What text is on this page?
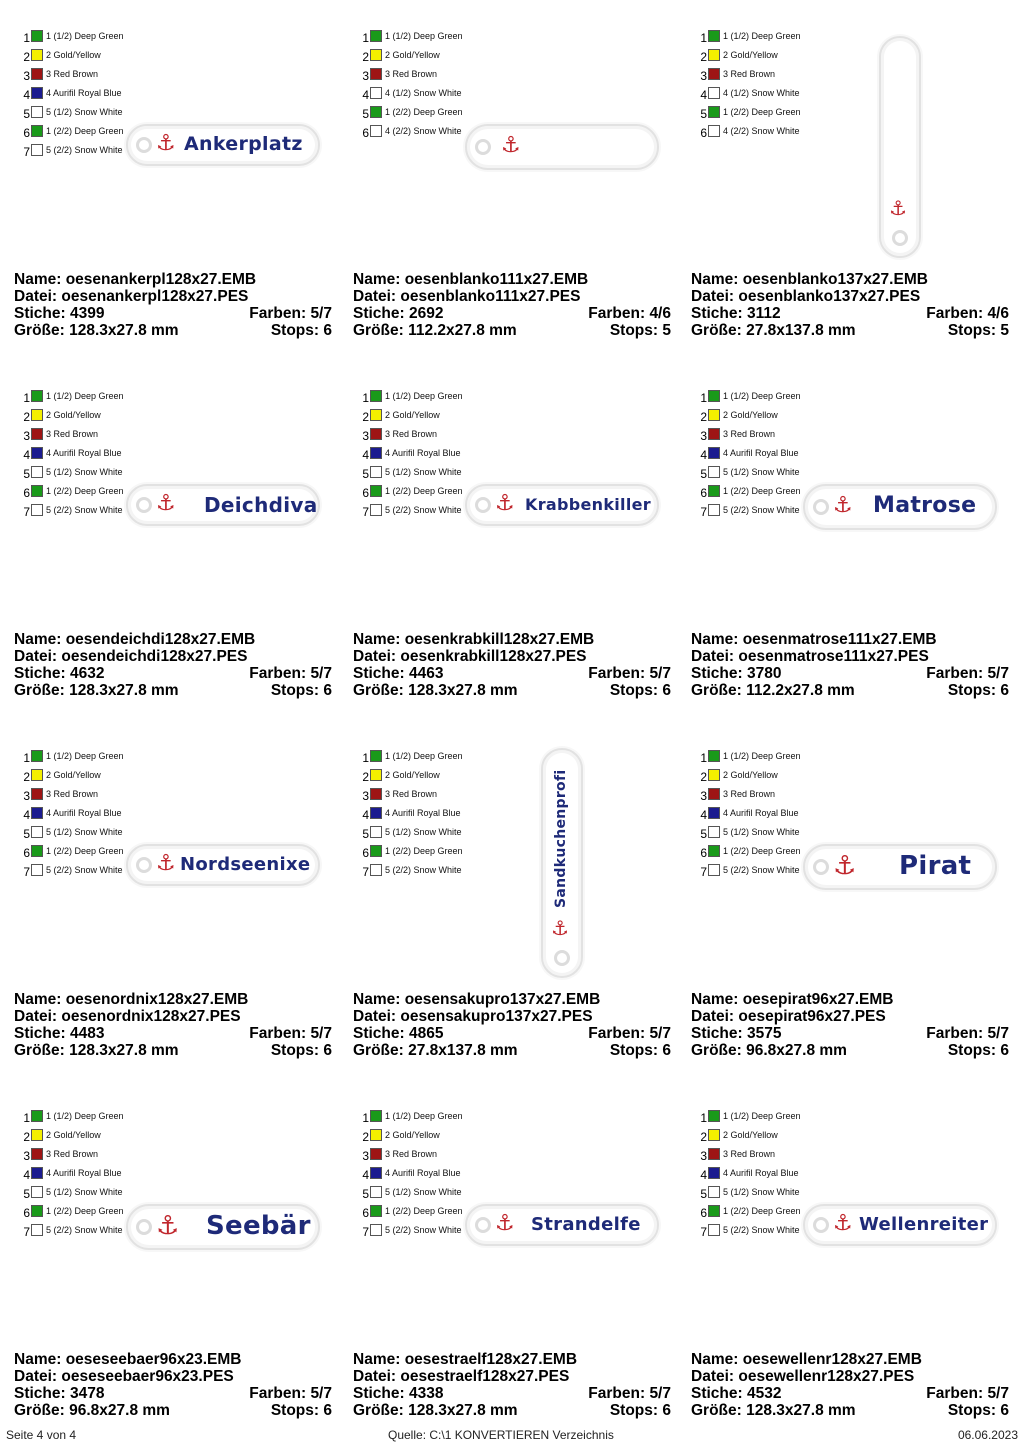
1 1 (1/2) Deep Green
2 2 Gold/Yellow
3 3 Red Brown
4 4 Aurifil Royal Blue
5 5 (1/2) Snow White
6 1 (2/2) Deep Green
7 5 (2/2) Snow White	⚓ Ankerplatz
Name: oesenankerpl128x27.EMB
Datei: oesenankerpl128x27.PES
Stiche: 4399	Farben: 5/7
Größe: 128.3x27.8 mm	Stops: 6
1 1 (1/2) Deep Green
2 2 Gold/Yellow
3 3 Red Brown
4 4 (1/2) Snow White
5 1 (2/2) Deep Green
6 4 (2/2) Snow White
⚓
Name: oesenblanko111x27.EMB
Datei: oesenblanko111x27.PES
Stiche: 2692	Farben: 4/6
Größe: 112.2x27.8 mm	Stops: 5
1 1 (1/2) Deep Green
2 2 Gold/Yellow
3 3 Red Brown
4 4 (1/2) Snow White
5 1 (2/2) Deep Green
6 4 (2/2) Snow White
⚓
Name: oesenblanko137x27.EMB
Datei: oesenblanko137x27.PES
Stiche: 3112	Farben: 4/6
Größe: 27.8x137.8 mm	Stops: 5
1 1 (1/2) Deep Green
2 2 Gold/Yellow
3 3 Red Brown
4 4 Aurifil Royal Blue
5 5 (1/2) Snow White
6 1 (2/2) Deep Green
7 5 (2/2) Snow White	⚓ Deichdiva
Name: oesendeichdi128x27.EMB
Datei: oesendeichdi128x27.PES
Stiche: 4632	Farben: 5/7
Größe: 128.3x27.8 mm	Stops: 6
1 1 (1/2) Deep Green
2 2 Gold/Yellow
3 3 Red Brown
4 4 Aurifil Royal Blue
5 5 (1/2) Snow White
6 1 (2/2) Deep Green
7 5 (2/2) Snow White	⚓ Krabbenkiller
Name: oesenkrabkill128x27.EMB
Datei: oesenkrabkill128x27.PES
Stiche: 4463	Farben: 5/7
Größe: 128.3x27.8 mm	Stops: 6
1 1 (1/2) Deep Green
2 2 Gold/Yellow
3 3 Red Brown
4 4 Aurifil Royal Blue
5 5 (1/2) Snow White
6 1 (2/2) Deep Green
7 5 (2/2) Snow White	⚓ Matrose
Name: oesenmatrose111x27.EMB
Datei: oesenmatrose111x27.PES
Stiche: 3780	Farben: 5/7
Größe: 112.2x27.8 mm	Stops: 6
1 1 (1/2) Deep Green
2 2 Gold/Yellow
3 3 Red Brown
4 4 Aurifil Royal Blue
5 5 (1/2) Snow White
6 1 (2/2) Deep Green
7 5 (2/2) Snow White	⚓ Nordseenixe
Name: oesenordnix128x27.EMB
Datei: oesenordnix128x27.PES
Stiche: 4483	Farben: 5/7
Größe: 128.3x27.8 mm	Stops: 6
1 1 (1/2) Deep Green
2 2 Gold/Yellow
3 3 Red Brown
4 4 Aurifil Royal Blue
5 5 (1/2) Snow White
6 1 (2/2) Deep Green
7 5 (2/2) Snow White
⚓
Sandkuchenprofi
Name: oesensakupro137x27.EMB
Datei: oesensakupro137x27.PES
Stiche: 4865	Farben: 5/7
Größe: 27.8x137.8 mm	Stops: 6
1 1 (1/2) Deep Green
2 2 Gold/Yellow
3 3 Red Brown
4 4 Aurifil Royal Blue
5 5 (1/2) Snow White
6 1 (2/2) Deep Green
7 5 (2/2) Snow White	⚓ Pirat
Name: oesepirat96x27.EMB
Datei: oesepirat96x27.PES
Stiche: 3575	Farben: 5/7
Größe: 96.8x27.8 mm	Stops: 6
1 1 (1/2) Deep Green
2 2 Gold/Yellow
3 3 Red Brown
4 4 Aurifil Royal Blue
5 5 (1/2) Snow White
6 1 (2/2) Deep Green
7 5 (2/2) Snow White	⚓ Seebär
Name: oeseseebaer96x23.EMB
Datei: oeseseebaer96x23.PES
Stiche: 3478	Farben: 5/7
Größe: 96.8x27.8 mm	Stops: 6
1 1 (1/2) Deep Green
2 2 Gold/Yellow
3 3 Red Brown
4 4 Aurifil Royal Blue
5 5 (1/2) Snow White
6 1 (2/2) Deep Green
7 5 (2/2) Snow White	⚓ Strandelfe
Name: oesestraelf128x27.EMB
Datei: oesestraelf128x27.PES
Stiche: 4338	Farben: 5/7
Größe: 128.3x27.8 mm	Stops: 6
1 1 (1/2) Deep Green
2 2 Gold/Yellow
3 3 Red Brown
4 4 Aurifil Royal Blue
5 5 (1/2) Snow White
6 1 (2/2) Deep Green
7 5 (2/2) Snow White	⚓ Wellenreiter
Name: oesewellenr128x27.EMB
Datei: oesewellenr128x27.PES
Stiche: 4532	Farben: 5/7
Größe: 128.3x27.8 mm	Stops: 6
Seite 4 von 4	Quelle: C:\1 KONVERTIEREN Verzeichnis	06.06.2023
